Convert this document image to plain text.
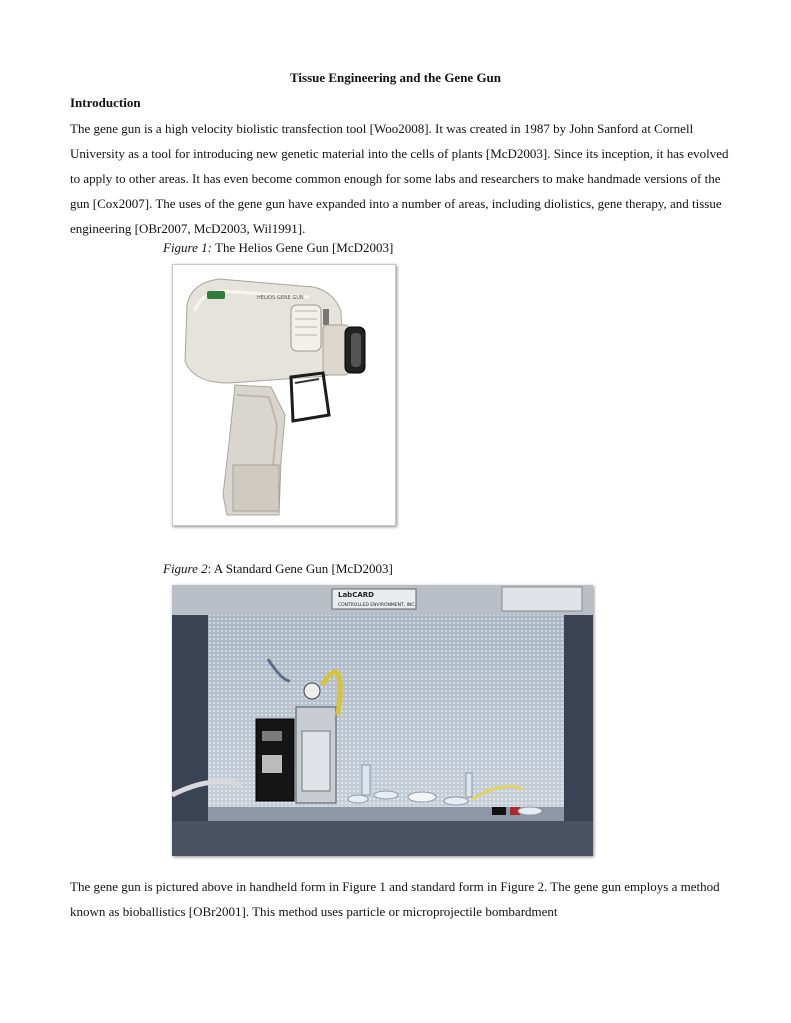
Tissue Engineering and the Gene Gun
Introduction
The gene gun is a high velocity biolistic transfection tool [Woo2008]. It was created in 1987 by John Sanford at Cornell University as a tool for introducing new genetic material into the cells of plants [McD2003]. Since its inception, it has evolved to apply to other areas. It has even become common enough for some labs and researchers to make handmade versions of the gun [Cox2007]. The uses of the gene gun have expanded into a number of areas, including diolistics, gene therapy, and tissue engineering [OBr2007, McD2003, Wil1991].
Figure 1: The Helios Gene Gun [McD2003]
HELIOS GENE GUN
Figure 2: A Standard Gene Gun [McD2003]
LabCARD
CONTROLLED ENVIRONMENT, INC.
The gene gun is pictured above in handheld form in Figure 1 and standard form in Figure 2. The gene gun employs a method known as bioballistics [OBr2001]. This method uses particle or microprojectile bombardment
